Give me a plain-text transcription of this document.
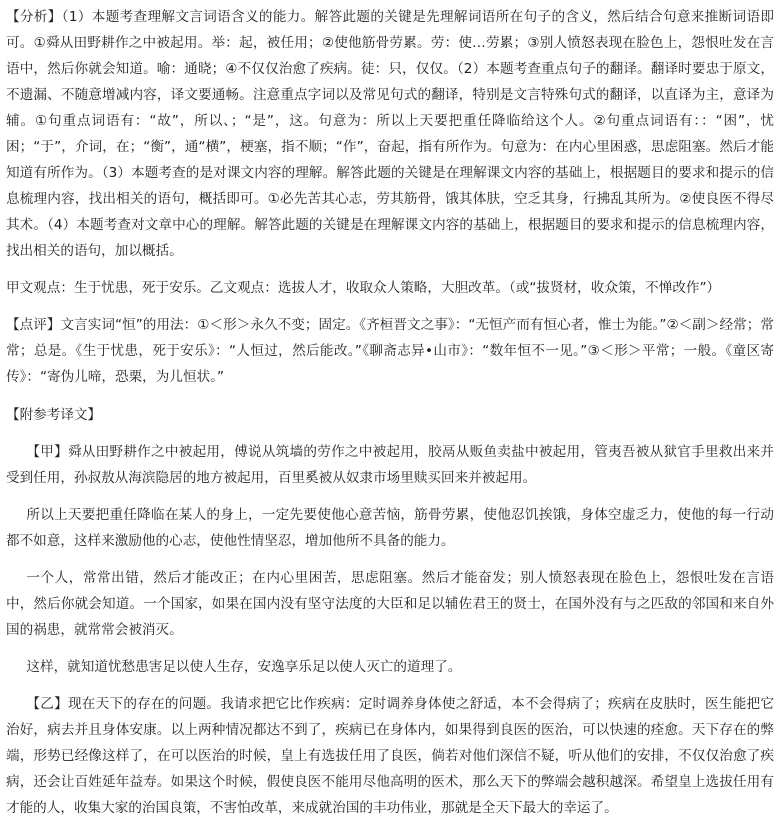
【分析】（1）本题考查理解文言词语含义的能力。解答此题的关键是先理解词语所在句子的含义，然后结合句意来推断词语即可。①舜从田野耕作之中被起用。举：起，被任用；②使他筋骨劳累。劳：使…劳累；③别人愤怒表现在脸色上，怨恨吐发在言语中，然后你就会知道。喻：通晓；④不仅仅治愈了疾病。徒：只，仅仅。（2）本题考查重点句子的翻译。翻译时要忠于原文，不遗漏、不随意增减内容，译文要通畅。注意重点字词以及常见句式的翻译，特别是文言特殊句式的翻译，以直译为主，意译为辅。①句重点词语有：“故”，所以、；“是”，这。句意为：所以上天要把重任降临给这个人。②句重点词语有：：“困”，忧困；“于”，介词，在；“衡”，通“横”，梗塞，指不顺；“作”，奋起，指有所作为。句意为：在内心里困惑，思虑阻塞。然后才能知道有所作为。（3）本题考查的是对课文内容的理解。解答此题的关键是在理解课文内容的基础上，根据题目的要求和提示的信息梳理内容，找出相关的语句，概括即可。①必先苦其心志，劳其筋骨，饿其体肤，空乏其身，行拂乱其所为。②使良医不得尽其术。（4）本题考查对文章中心的理解。解答此题的关键是在理解课文内容的基础上，根据题目的要求和提示的信息梳理内容，找出相关的语句，加以概括。

甲文观点：生于忧患，死于安乐。乙文观点：选拔人才，收取众人策略，大胆改革。（或“拔贤材，收众策，不惮改作”）

【点评】文言实词“恒”的用法：①＜形＞永久不变；固定。《齐桓晋文之事》：“无恒产而有恒心者，惟士为能。”②＜副＞经常；常常；总是。《生于忧患，死于安乐》：“人恒过，然后能改。”《聊斋志异•山市》：“数年恒不一见。”③＜形＞平常；一般。《童区寄传》：“寄伪儿啼，恐栗，为儿恒状。”

【附参考译文】

【甲】舜从田野耕作之中被起用，傅说从筑墙的劳作之中被起用，胶鬲从贩鱼卖盐中被起用，管夷吾被从狱官手里救出来并受到任用，孙叔敖从海滨隐居的地方被起用，百里奚被从奴隶市场里赎买回来并被起用。

所以上天要把重任降临在某人的身上，一定先要使他心意苦恼，筋骨劳累，使他忍饥挨饿，身体空虚乏力，使他的每一行动都不如意，这样来激励他的心志，使他性情坚忍，增加他所不具备的能力。

一个人，常常出错，然后才能改正；在内心里困苦，思虑阻塞。然后才能奋发；别人愤怒表现在脸色上，怨恨吐发在言语中，然后你就会知道。一个国家，如果在国内没有坚守法度的大臣和足以辅佐君王的贤士，在国外没有与之匹敌的邻国和来自外国的祸患，就常常会被消灭。

这样，就知道忧愁患害足以使人生存，安逸享乐足以使人灭亡的道理了。

【乙】现在天下的存在的问题。我请求把它比作疾病：定时调养身体使之舒适，本不会得病了；疾病在皮肤时，医生能把它治好，病去并且身体安康。以上两种情况都达不到了，疾病已在身体内，如果得到良医的医治，可以快速的痊愈。天下存在的弊端，形势已经像这样了，在可以医治的时候，皇上有选拔任用了良医，倘若对他们深信不疑，听从他们的安排，不仅仅治愈了疾病，还会让百姓延年益寿。如果这个时候，假使良医不能用尽他高明的医术，那么天下的弊端会越积越深。希望皇上选拔任用有才能的人，收集大家的治国良策，不害怕改革，来成就治国的丰功伟业，那就是全天下最大的幸运了。
